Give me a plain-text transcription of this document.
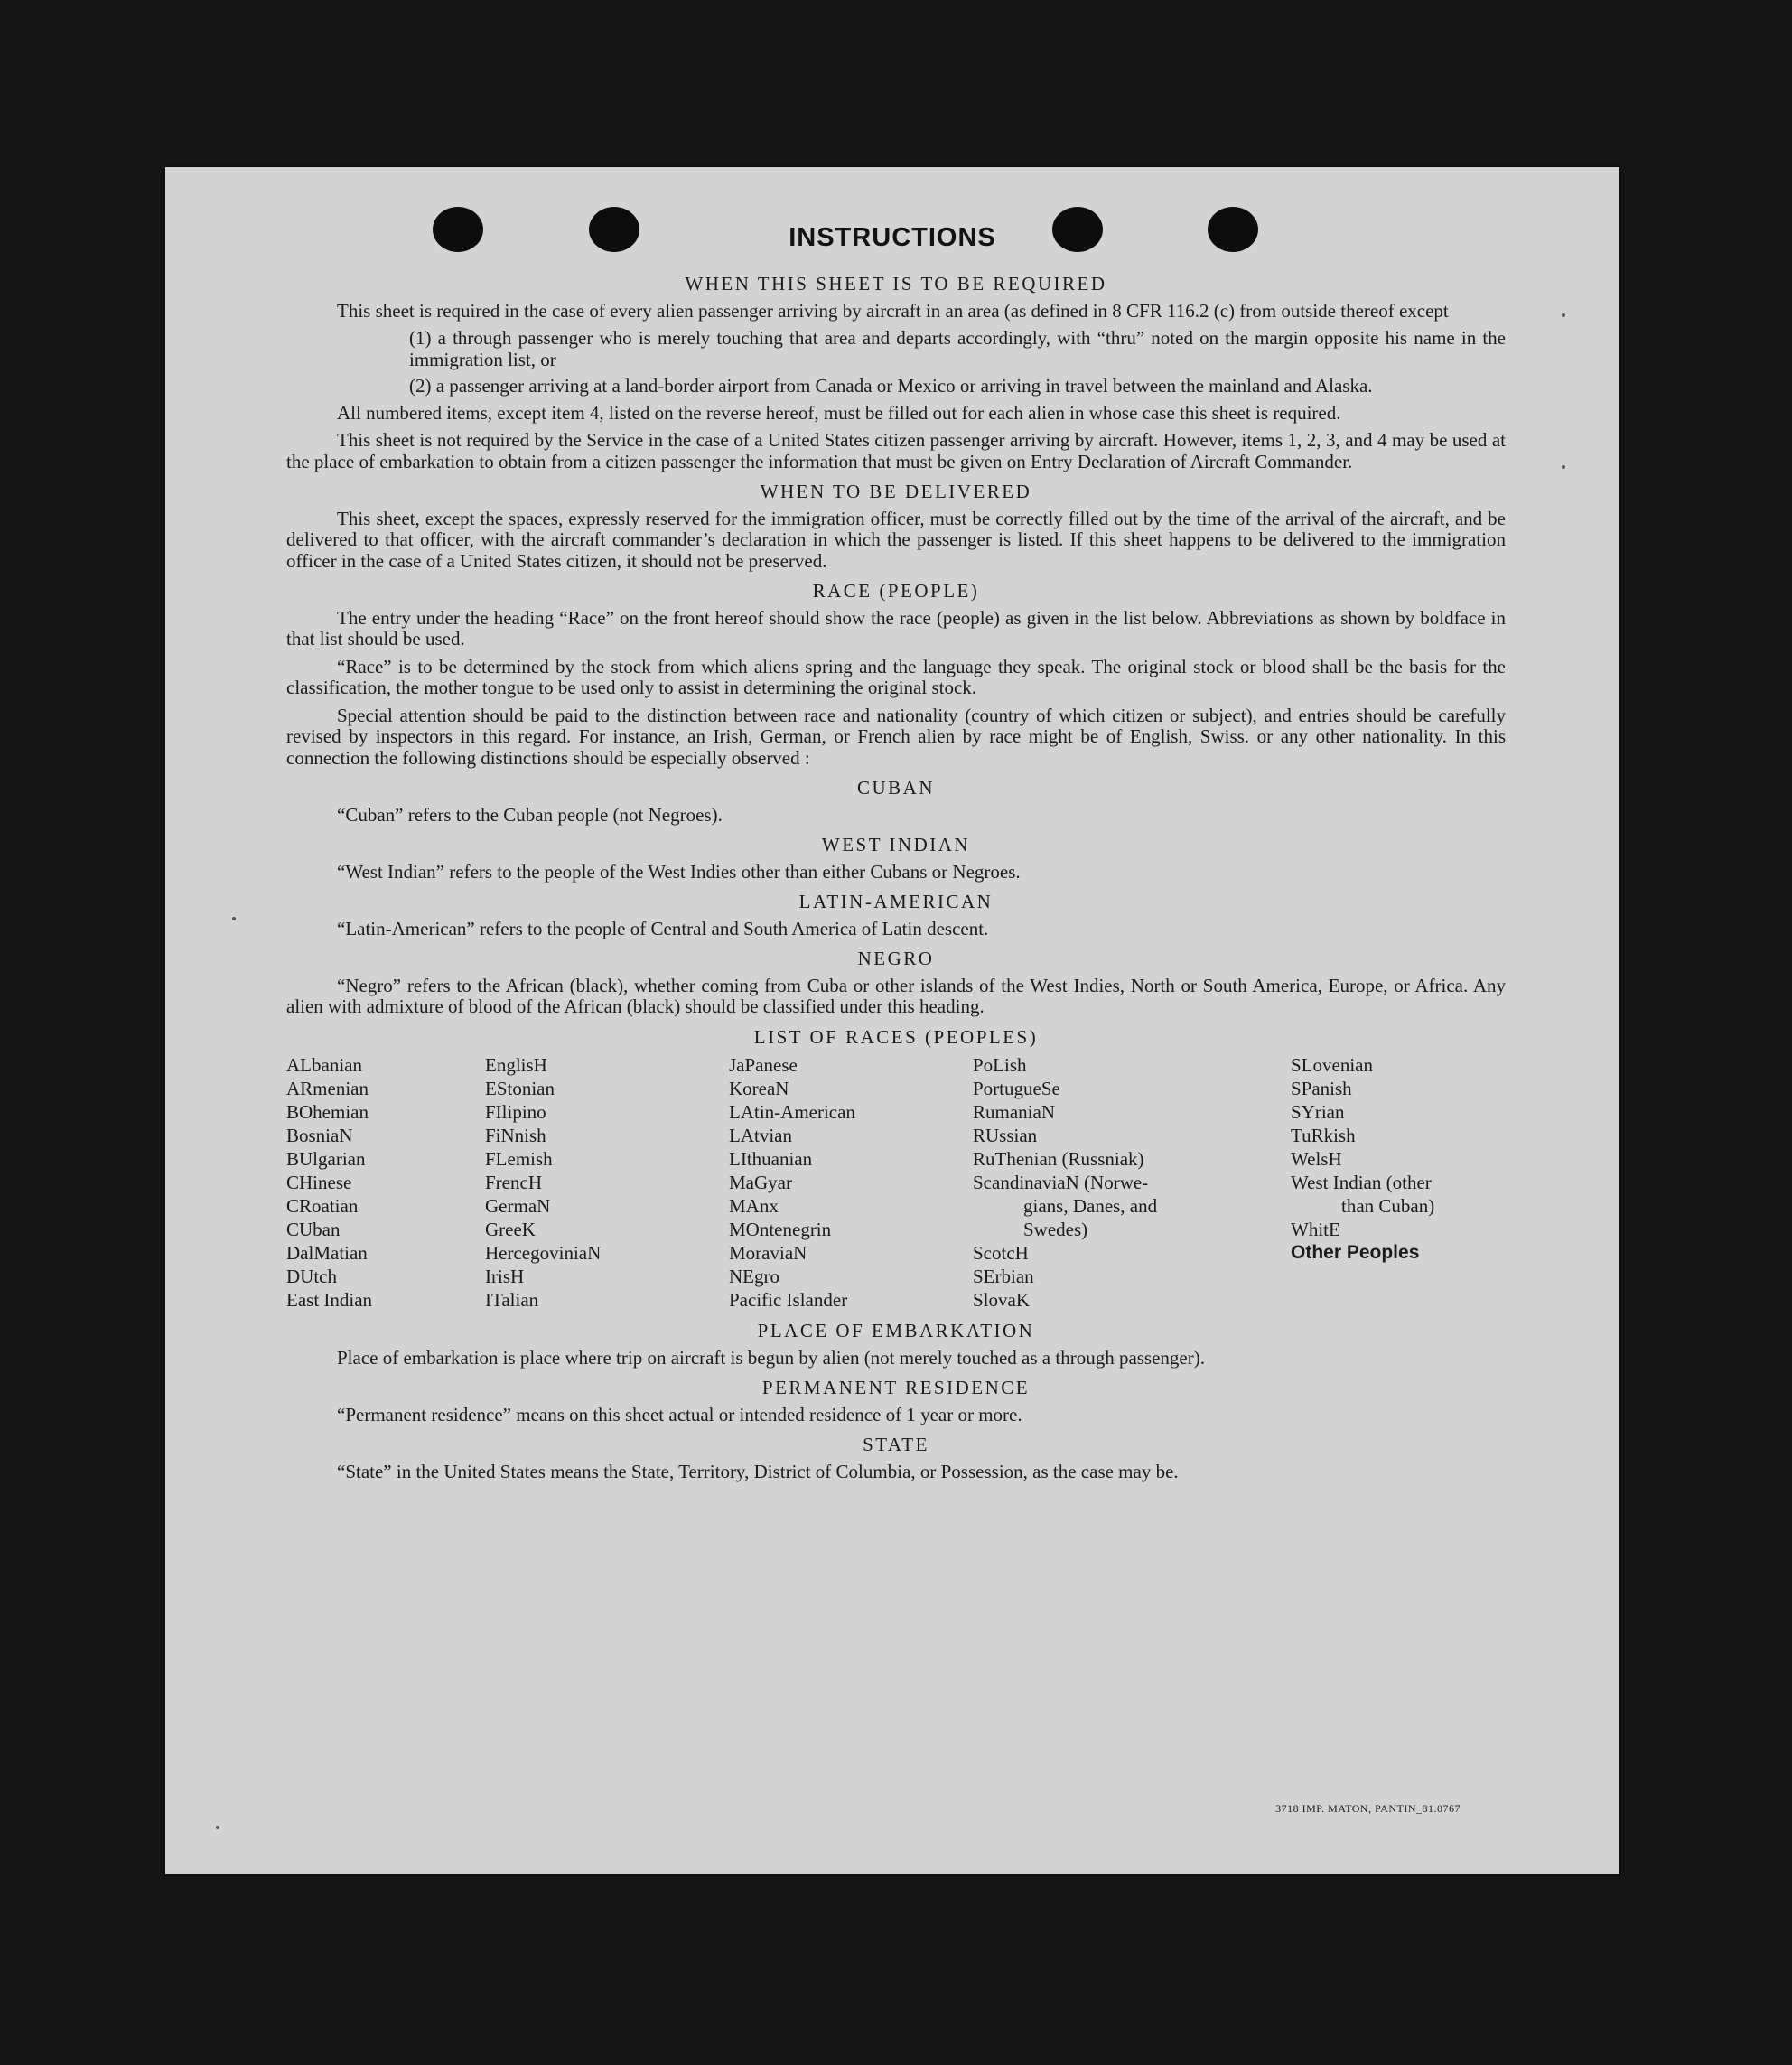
INSTRUCTIONS
WHEN THIS SHEET IS TO BE REQUIRED

This sheet is required in the case of every alien passenger arriving by aircraft in an area (as defined in 8 CFR 116.2 (c) from outside thereof except

(1) a through passenger who is merely touching that area and departs accordingly, with “thru” noted on the margin opposite his name in the immigration list, or

(2) a passenger arriving at a land-border airport from Canada or Mexico or arriving in travel between the mainland and Alaska.

All numbered items, except item 4, listed on the reverse hereof, must be filled out for each alien in whose case this sheet is required.

This sheet is not required by the Service in the case of a United States citizen passenger arriving by aircraft. However, items 1, 2, 3, and 4 may be used at the place of embarkation to obtain from a citizen passenger the information that must be given on Entry Declaration of Aircraft Commander.

WHEN TO BE DELIVERED

This sheet, except the spaces, expressly reserved for the immigration officer, must be correctly filled out by the time of the arrival of the aircraft, and be delivered to that officer, with the aircraft commander’s declaration in which the passenger is listed. If this sheet happens to be delivered to the immigration officer in the case of a United States citizen, it should not be preserved.

RACE (PEOPLE)

The entry under the heading “Race” on the front hereof should show the race (people) as given in the list below. Abbreviations as shown by boldface in that list should be used.

“Race” is to be determined by the stock from which aliens spring and the language they speak. The original stock or blood shall be the basis for the classification, the mother tongue to be used only to assist in determining the original stock.

Special attention should be paid to the distinction between race and nationality (country of which citizen or subject), and entries should be carefully revised by inspectors in this regard. For instance, an Irish, German, or French alien by race might be of English, Swiss. or any other nationality. In this connection the following distinctions should be especially observed :

CUBAN

“Cuban” refers to the Cuban people (not Negroes).

WEST INDIAN

“West Indian” refers to the people of the West Indies other than either Cubans or Negroes.

LATIN-AMERICAN

“Latin-American” refers to the people of Central and South America of Latin descent.

NEGRO

“Negro” refers to the African (black), whether coming from Cuba or other islands of the West Indies, North or South America, Europe, or Africa. Any alien with admixture of blood of the African (black) should be classified under this heading.

LIST OF RACES (PEOPLES)
ALbanian
ARmenian
BOhemian
BosniaN
BUlgarian
CHinese
CRoatian
CUban
DalMatian
DUtch
East Indian
EnglisH
EStonian
FIlipino
FiNnish
FLemish
FrencH
GermaN
GreeK
HercegoviniaN
IrisH
ITalian
JaPanese
KoreaN
LAtin-American
LAtvian
LIthuanian
MaGyar
MAnx
MOntenegrin
MoraviaN
NEgro
Pacific Islander
PoLish
PortugueSe
RumaniaN
RUssian
RuThenian (Russniak)
ScandinaviaN (Norwe-
gians, Danes, and
Swedes)
ScotcH
SErbian
SlovaK
SLovenian
SPanish
SYrian
TuRkish
WelsH
West Indian (other
than Cuban)
WhitE
Other Peoples
PLACE OF EMBARKATION

Place of embarkation is place where trip on aircraft is begun by alien (not merely touched as a through passenger).

PERMANENT RESIDENCE

“Permanent residence” means on this sheet actual or intended residence of 1 year or more.

STATE

“State” in the United States means the State, Territory, District of Columbia, or Possession, as the case may be.

3718 IMP. MATON, PANTIN_81.0767
